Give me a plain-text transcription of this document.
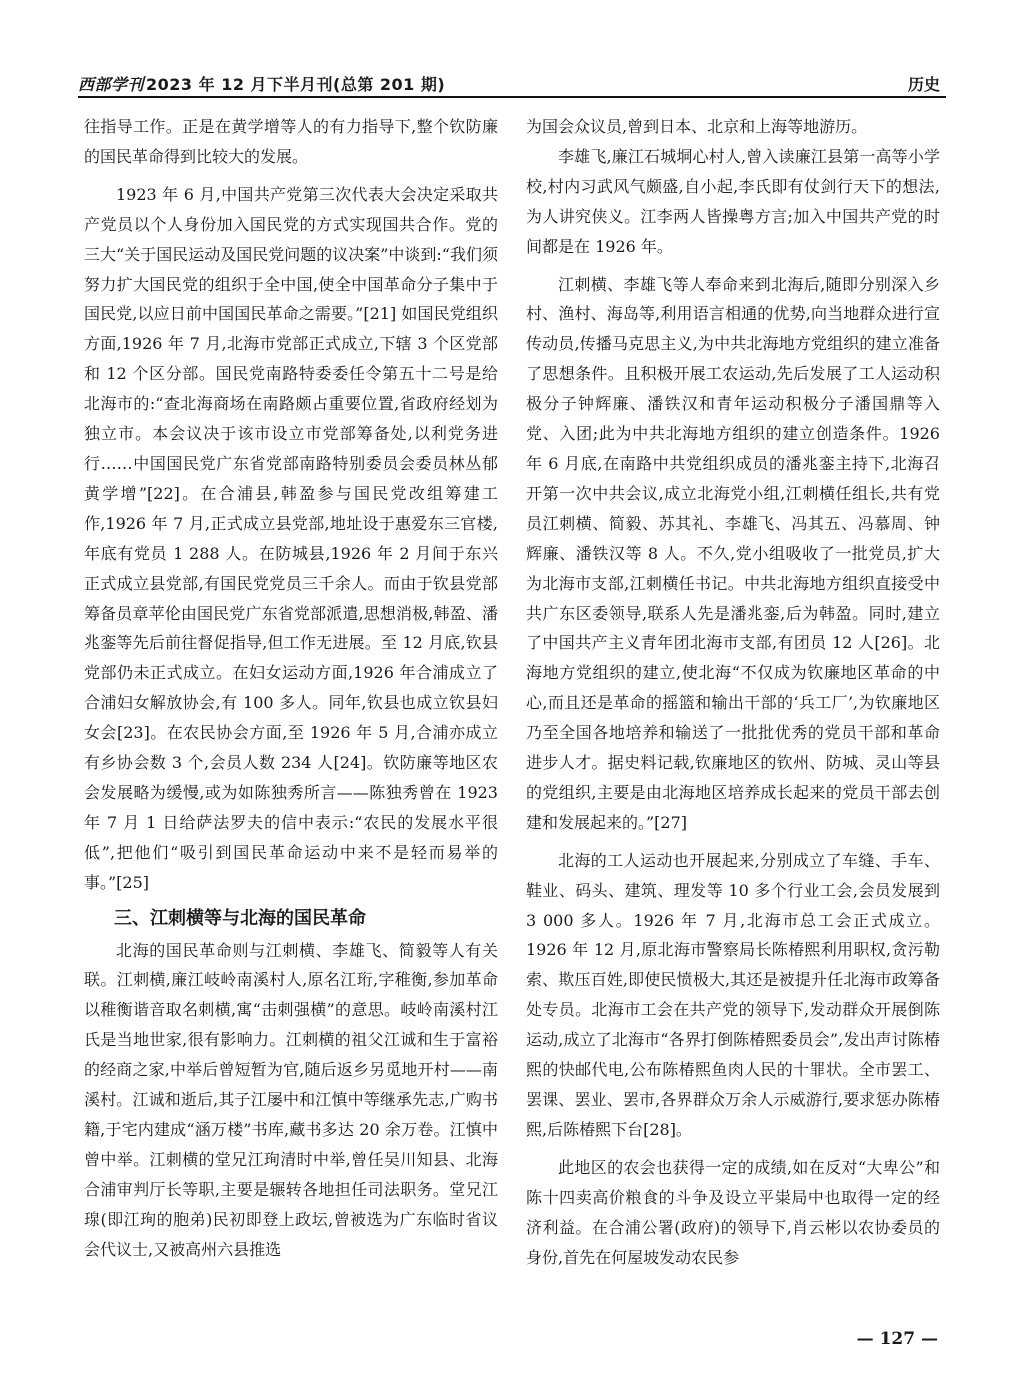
西部学刊 2023 年 12 月下半月刊(总第 201 期)	历史

往指导工作。正是在黄学增等人的有力指导下,整个钦防廉的国民革命得到比较大的发展。

1923 年 6 月,中国共产党第三次代表大会决定采取共产党员以个人身份加入国民党的方式实现国共合作。党的三大“关于国民运动及国民党问题的议决案”中谈到:“我们须努力扩大国民党的组织于全中国,使全中国革命分子集中于国民党,以应日前中国国民革命之需要。”[21] 如国民党组织方面,1926 年 7 月,北海市党部正式成立,下辖 3 个区党部和 12 个区分部。国民党南路特委委任令第五十二号是给北海市的:“查北海商场在南路颇占重要位置,省政府经划为独立市。本会议决于该市设立市党部筹备处,以利党务进行……中国国民党广东省党部南路特别委员会委员林丛郁黄学增”[22]。在合浦县,韩盈参与国民党改组筹建工作,1926 年 7 月,正式成立县党部,地址设于惠爱东三官楼,年底有党员 1 288 人。在防城县,1926 年 2 月间于东兴正式成立县党部,有国民党党员三千余人。而由于钦县党部筹备员章苹伦由国民党广东省党部派遣,思想消极,韩盈、潘兆銮等先后前往督促指导,但工作无进展。至 12 月底,钦县党部仍未正式成立。在妇女运动方面,1926 年合浦成立了合浦妇女解放协会,有 100 多人。同年,钦县也成立钦县妇女会[23]。在农民协会方面,至 1926 年 5 月,合浦亦成立有乡协会数 3 个,会员人数 234 人[24]。钦防廉等地区农会发展略为缓慢,或为如陈独秀所言——陈独秀曾在 1923 年 7 月 1 日给萨法罗夫的信中表示:“农民的发展水平很低”,把他们“吸引到国民革命运动中来不是轻而易举的事。”[25]

三、江刺横等与北海的国民革命

北海的国民革命则与江刺横、李雄飞、简毅等人有关联。江刺横,廉江岐岭南溪村人,原名江珩,字稚衡,参加革命以稚衡谐音取名刺横,寓“击刺强横”的意思。岐岭南溪村江氏是当地世家,很有影响力。江刺横的祖父江诚和生于富裕的经商之家,中举后曾短暂为官,随后返乡另觅地开村——南溪村。江诚和逝后,其子江屡中和江慎中等继承先志,广购书籍,于宅内建成“涵万楼”书库,藏书多达 20 余万卷。江慎中曾中举。江刺横的堂兄江珣清时中举,曾任吴川知县、北海合浦审判厅长等职,主要是辗转各地担任司法职务。堂兄江瑔(即江珣的胞弟)民初即登上政坛,曾被选为广东临时省议会代议士,又被高州六县推选

为国会众议员,曾到日本、北京和上海等地游历。

李雄飞,廉江石城垌心村人,曾入读廉江县第一高等小学校,村内习武风气颇盛,自小起,李氏即有仗剑行天下的想法,为人讲究侠义。江李两人皆操粤方言;加入中国共产党的时间都是在 1926 年。

江刺横、李雄飞等人奉命来到北海后,随即分别深入乡村、渔村、海岛等,利用语言相通的优势,向当地群众进行宣传动员,传播马克思主义,为中共北海地方党组织的建立准备了思想条件。且积极开展工农运动,先后发展了工人运动积极分子钟辉廉、潘铁汉和青年运动积极分子潘国鼎等入党、入团;此为中共北海地方组织的建立创造条件。1926 年 6 月底,在南路中共党组织成员的潘兆銮主持下,北海召开第一次中共会议,成立北海党小组,江刺横任组长,共有党员江刺横、简毅、苏其礼、李雄飞、冯其五、冯慕周、钟辉廉、潘铁汉等 8 人。不久,党小组吸收了一批党员,扩大为北海市支部,江刺横任书记。中共北海地方组织直接受中共广东区委领导,联系人先是潘兆銮,后为韩盈。同时,建立了中国共产主义青年团北海市支部,有团员 12 人[26]。北海地方党组织的建立,使北海“不仅成为钦廉地区革命的中心,而且还是革命的摇篮和输出干部的‘兵工厂’,为钦廉地区乃至全国各地培养和输送了一批批优秀的党员干部和革命进步人才。据史料记载,钦廉地区的钦州、防城、灵山等县的党组织,主要是由北海地区培养成长起来的党员干部去创建和发展起来的。”[27]

北海的工人运动也开展起来,分别成立了车缝、手车、鞋业、码头、建筑、理发等 10 多个行业工会,会员发展到 3 000 多人。1926 年 7 月,北海市总工会正式成立。1926 年 12 月,原北海市警察局长陈椿熙利用职权,贪污勒索、欺压百姓,即使民愤极大,其还是被提升任北海市政筹备处专员。北海市工会在共产党的领导下,发动群众开展倒陈运动,成立了北海市“各界打倒陈椿熙委员会”,发出声讨陈椿熙的快邮代电,公布陈椿熙鱼肉人民的十罪状。全市罢工、罢课、罢业、罢市,各界群众万余人示威游行,要求惩办陈椿熙,后陈椿熙下台[28]。

此地区的农会也获得一定的成绩,如在反对“大卑公”和陈十四卖高价粮食的斗争及设立平粜局中也取得一定的经济利益。在合浦公署(政府)的领导下,肖云彬以农协委员的身份,首先在何屋坡发动农民参

— 127 —
